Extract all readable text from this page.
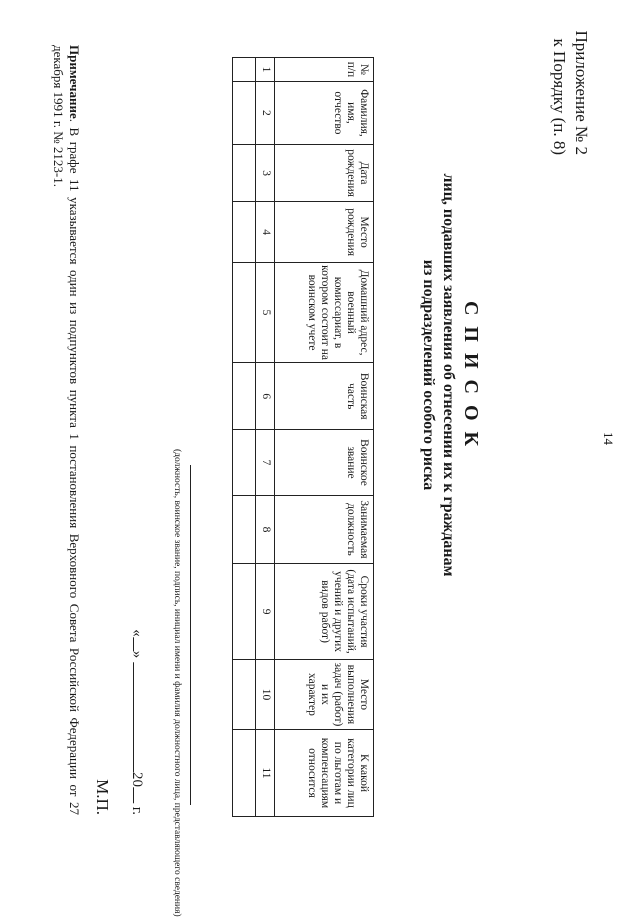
14
Приложение № 2
к Порядку (п. 8)
С П И С О К
лиц, подавших заявления об отнесении их к гражданам
из подразделений особого риска
№ п/п	Фамилия, имя, отчество	Дата рождения	Место рождения	Домашний адрес, военный комиссариат, в котором состоит на воинском учете	Воинская часть	Воинское звание	Занимаемая должность	Сроки участия (дата испытаний, учений и других видов работ)	Место выполнения задач (работ) и их характер	К какой категории лиц по льготам и компенсациям относится
1	2	3	4	5	6	7	8	9	10	11

(должность, воинское звание, подпись, инициал имени и фамилия должностного лица, представляющего сведения)
«» 20 г.
М.П.
Примечание. В графе 11 указывается один из подпунктов пункта 1 постановления Верховного Совета Российской Федерации от 27 декабря 1991 г. № 2123-1.
